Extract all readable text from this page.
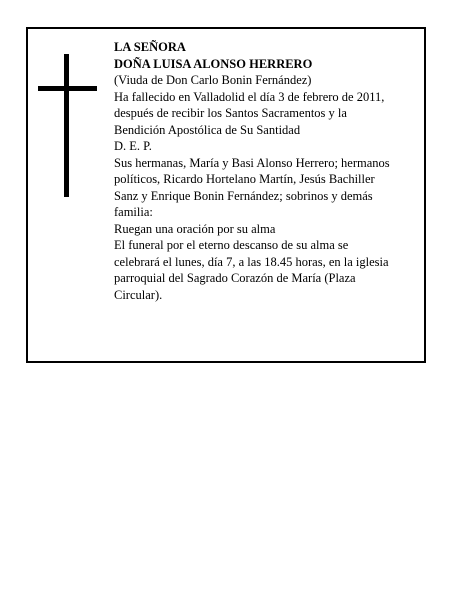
LA SEÑORA

DOÑA LUISA ALONSO HERRERO

(Viuda de Don Carlo Bonin Fernández)

Ha fallecido en Valladolid el día 3 de febrero de 2011,

después de recibir los Santos Sacramentos y la

Bendición Apostólica de Su Santidad

D. E. P.

Sus hermanas, María y Basi Alonso Herrero; hermanos

políticos, Ricardo Hortelano Martín, Jesús Bachiller

Sanz y Enrique Bonin Fernández; sobrinos y demás

familia:

Ruegan una oración por su alma

El funeral por el eterno descanso de su alma se

celebrará el lunes, día 7, a las 18.45 horas, en la iglesia

parroquial del Sagrado Corazón de María (Plaza

Circular).
